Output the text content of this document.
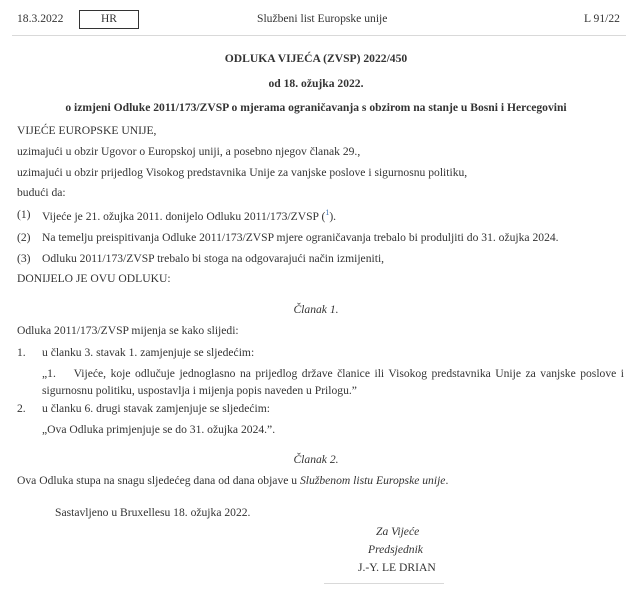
18.3.2022	HR	Službeni list Europske unije	L 91/22
ODLUKA VIJEĆA (ZVSP) 2022/450
od 18. ožujka 2022.
o izmjeni Odluke 2011/173/ZVSP o mjerama ograničavanja s obzirom na stanje u Bosni i Hercegovini
VIJEĆE EUROPSKE UNIJE,
uzimajući u obzir Ugovor o Europskoj uniji, a posebno njegov članak 29.,
uzimajući u obzir prijedlog Visokog predstavnika Unije za vanjske poslove i sigurnosnu politiku,
budući da:
(1) Vijeće je 21. ožujka 2011. donijelo Odluku 2011/173/ZVSP ($^1$).
(2) Na temelju preispitivanja Odluke 2011/173/ZVSP mjere ograničavanja trebalo bi produljiti do 31. ožujka 2024.
(3) Odluku 2011/173/ZVSP trebalo bi stoga na odgovarajući način izmijeniti,
DONIJELO JE OVU ODLUKU:
Članak 1.
Odluka 2011/173/ZVSP mijenja se kako slijedi:
1. u članku 3. stavak 1. zamjenjuje se sljedećim:
„1.    Vijeće, koje odlučuje jednoglasno na prijedlog države članice ili Visokog predstavnika Unije za vanjske poslove i sigurnosnu politiku, uspostavlja i mijenja popis naveden u Prilogu.”
2. u članku 6. drugi stavak zamjenjuje se sljedećim:
„Ova Odluka primjenjuje se do 31. ožujka 2024.”.
Članak 2.
Ova Odluka stupa na snagu sljedećeg dana od dana objave u Službenom listu Europske unije.
Sastavljeno u Bruxellesu 18. ožujka 2022.
Za Vijeće
Predsjednik
J.-Y. LE DRIAN
